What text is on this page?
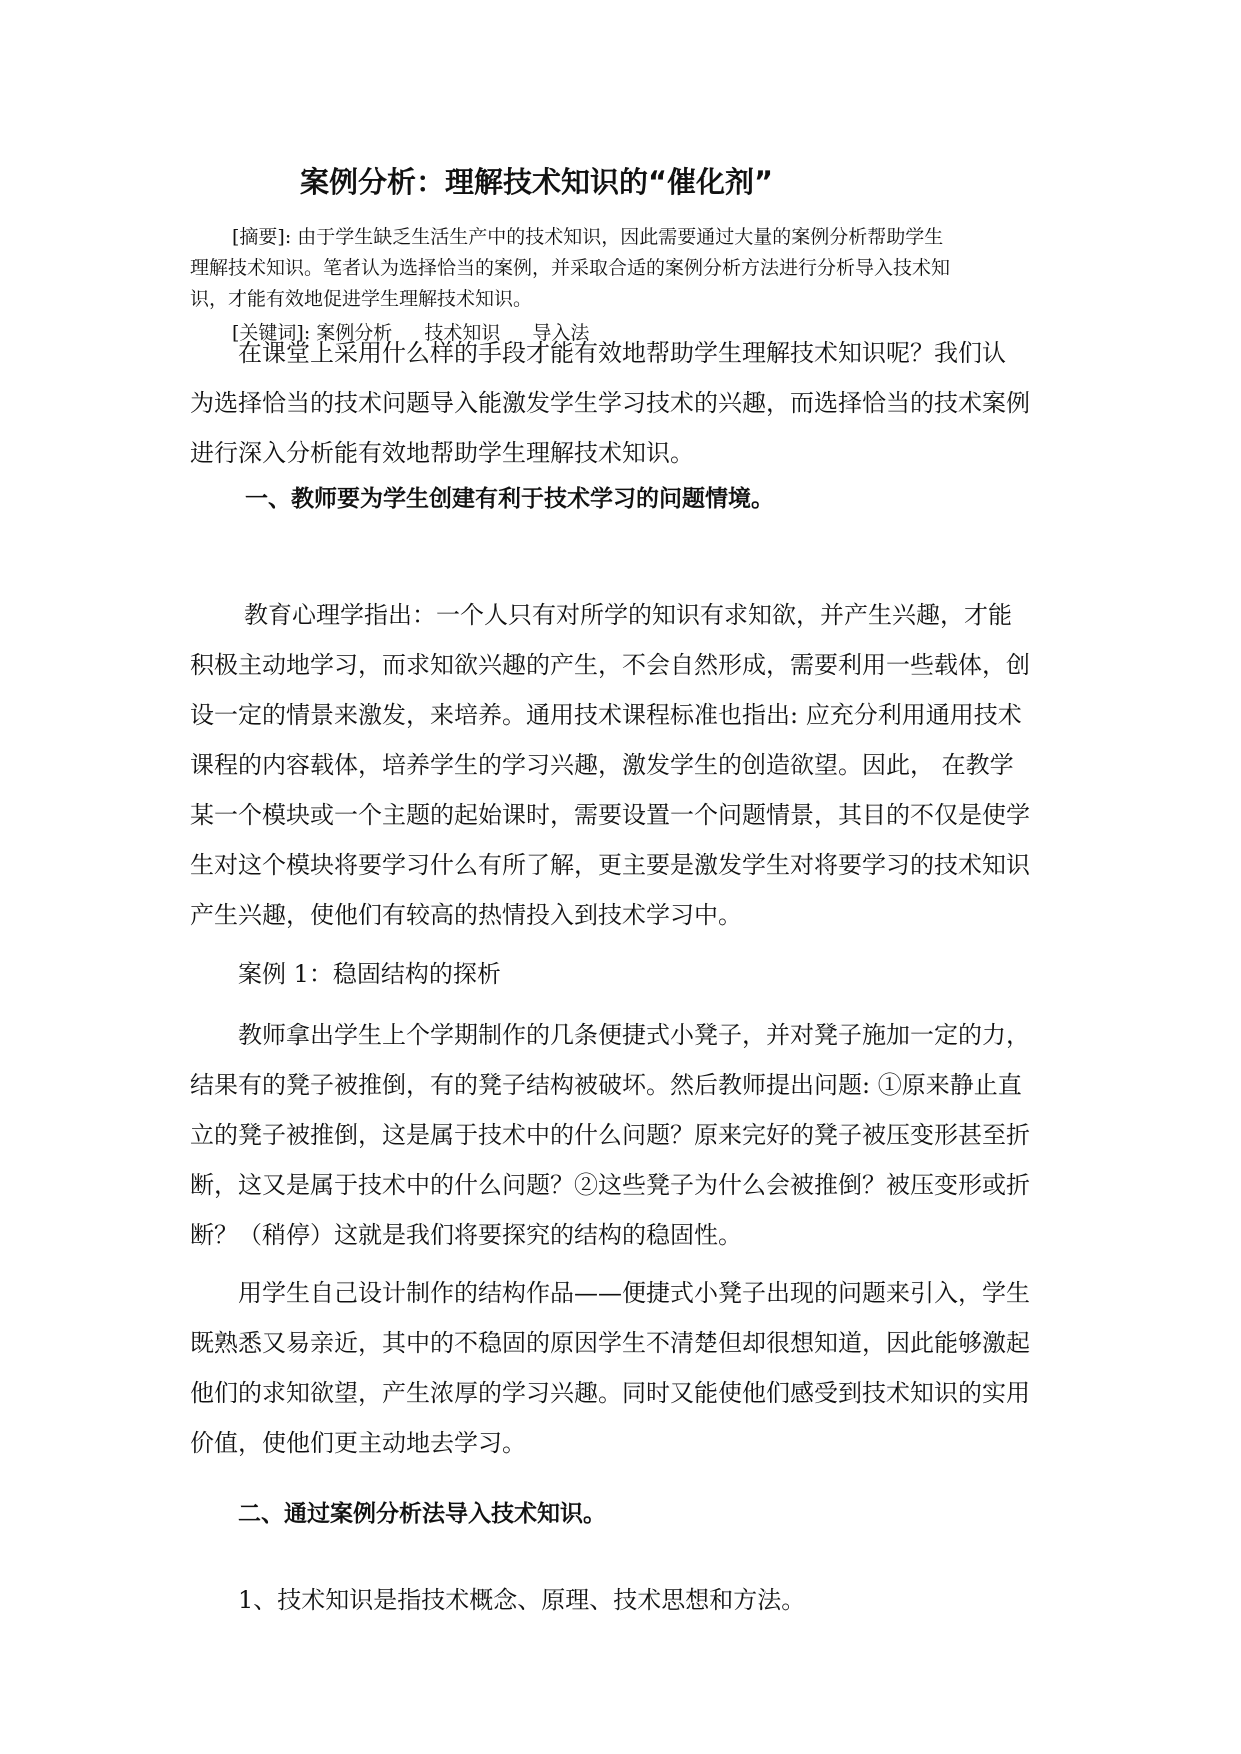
案例分析：理解技术知识的“催化剂”
[摘要]: 由于学生缺乏生活生产中的技术知识，因此需要通过大量的案例分析帮助学生
理解技术知识。笔者认为选择恰当的案例，并采取合适的案例分析方法进行分析导入技术知
识，才能有效地促进学生理解技术知识。

[关键词]: 案例分析 技术知识 导入法

在课堂上采用什么样的手段才能有效地帮助学生理解技术知识呢？我们认
为选择恰当的技术问题导入能激发学生学习技术的兴趣，而选择恰当的技术案例
进行深入分析能有效地帮助学生理解技术知识。
一、教师要为学生创建有利于技术学习的问题情境。
教育心理学指出：一个人只有对所学的知识有求知欲，并产生兴趣，才能
积极主动地学习，而求知欲兴趣的产生，不会自然形成，需要利用一些载体，创
设一定的情景来激发，来培养。通用技术课程标准也指出: 应充分利用通用技术
课程的内容载体，培养学生的学习兴趣，激发学生的创造欲望。因此， 在教学
某一个模块或一个主题的起始课时，需要设置一个问题情景，其目的不仅是使学
生对这个模块将要学习什么有所了解，更主要是激发学生对将要学习的技术知识
产生兴趣，使他们有较高的热情投入到技术学习中。

案例 1：稳固结构的探析

教师拿出学生上个学期制作的几条便捷式小凳子，并对凳子施加一定的力，
结果有的凳子被推倒，有的凳子结构被破坏。然后教师提出问题: ①原来静止直
立的凳子被推倒，这是属于技术中的什么问题？原来完好的凳子被压变形甚至折
断，这又是属于技术中的什么问题？②这些凳子为什么会被推倒？被压变形或折
断？（稍停）这就是我们将要探究的结构的稳固性。
用学生自己设计制作的结构作品——便捷式小凳子出现的问题来引入，学生
既熟悉又易亲近，其中的不稳固的原因学生不清楚但却很想知道，因此能够激起
他们的求知欲望，产生浓厚的学习兴趣。同时又能使他们感受到技术知识的实用
价值，使他们更主动地去学习。
二、通过案例分析法导入技术知识。

1、技术知识是指技术概念、原理、技术思想和方法。
